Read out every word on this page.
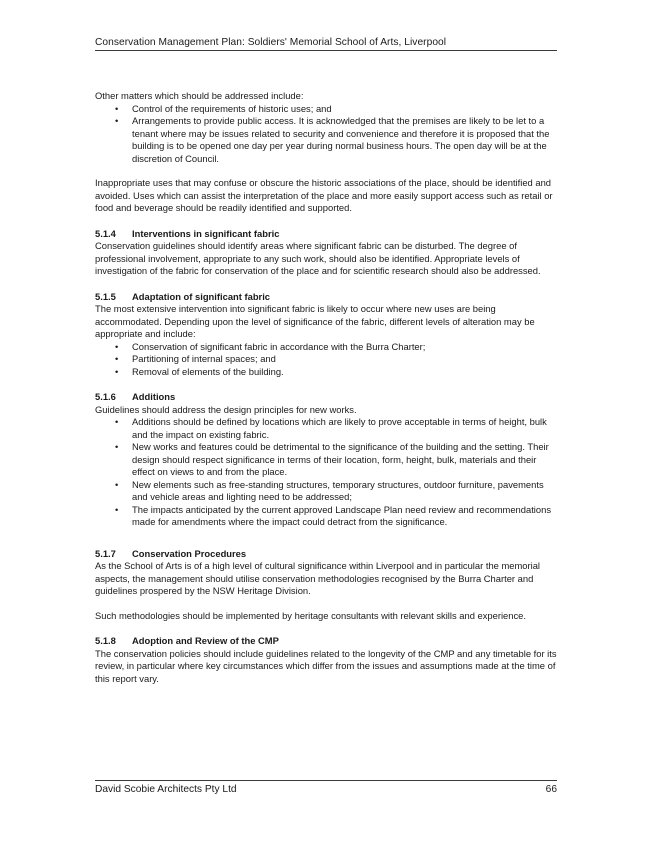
Conservation Management Plan: Soldiers' Memorial School of Arts, Liverpool

Other matters which should be addressed include:

• Control of the requirements of historic uses; and
• Arrangements to provide public access. It is acknowledged that the premises are likely to be let to a tenant where may be issues related to security and convenience and therefore it is proposed that the building is to be opened one day per year during normal business hours. The open day will be at the discretion of Council.

Inappropriate uses that may confuse or obscure the historic associations of the place, should be identified and avoided. Uses which can assist the interpretation of the place and more easily support access such as retail or food and beverage should be readily identified and supported.

5.1.4	Interventions in significant fabric

Conservation guidelines should identify areas where significant fabric can be disturbed. The degree of professional involvement, appropriate to any such work, should also be identified. Appropriate levels of investigation of the fabric for conservation of the place and for scientific research should also be addressed.

5.1.5	Adaptation of significant fabric

The most extensive intervention into significant fabric is likely to occur where new uses are being accommodated. Depending upon the level of significance of the fabric, different levels of alteration may be appropriate and include:

• Conservation of significant fabric in accordance with the Burra Charter;
• Partitioning of internal spaces; and
• Removal of elements of the building.
5.1.6	Additions

Guidelines should address the design principles for new works.

• Additions should be defined by locations which are likely to prove acceptable in terms of height, bulk and the impact on existing fabric.
• New works and features could be detrimental to the significance of the building and the setting. Their design should respect significance in terms of their location, form, height, bulk, materials and their effect on views to and from the place.
• New elements such as free-standing structures, temporary structures, outdoor furniture, pavements and vehicle areas and lighting need to be addressed;
• The impacts anticipated by the current approved Landscape Plan need review and recommendations made for amendments where the impact could detract from the significance.
5.1.7	Conservation Procedures

As the School of Arts is of a high level of cultural significance within Liverpool and in particular the memorial aspects, the management should utilise conservation methodologies recognised by the Burra Charter and guidelines prospered by the NSW Heritage Division.

Such methodologies should be implemented by heritage consultants with relevant skills and experience.

5.1.8	Adoption and Review of the CMP

The conservation policies should include guidelines related to the longevity of the CMP and any timetable for its review, in particular where key circumstances which differ from the issues and assumptions made at the time of this report vary.

David Scobie Architects Pty Ltd	66
